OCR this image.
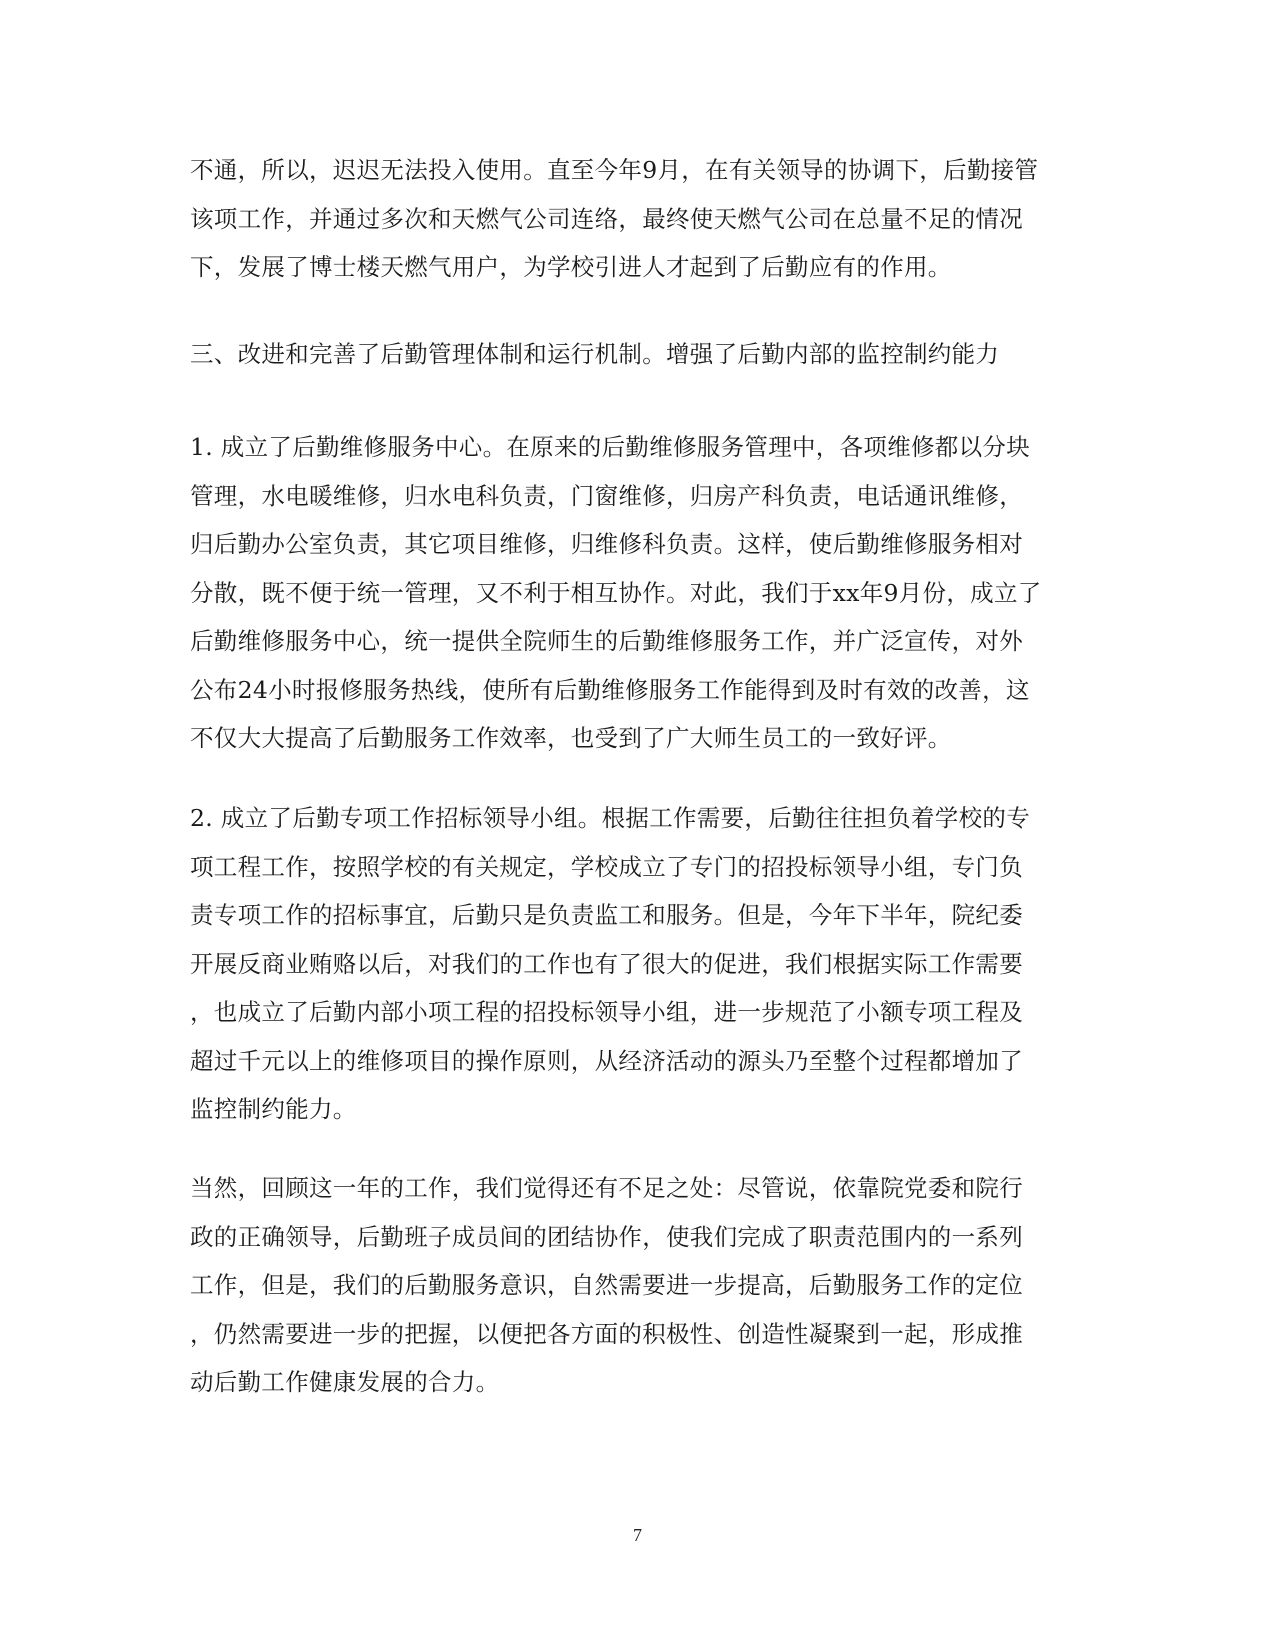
不通，所以，迟迟无法投入使用。直至今年9月，在有关领导的协调下，后勤接管
该项工作，并通过多次和天燃气公司连络，最终使天燃气公司在总量不足的情况
下，发展了博士楼天燃气用户，为学校引进人才起到了后勤应有的作用。
三、改进和完善了后勤管理体制和运行机制。增强了后勤内部的监控制约能力
1. 成立了后勤维修服务中心。在原来的后勤维修服务管理中，各项维修都以分块
管理，水电暖维修，归水电科负责，门窗维修，归房产科负责，电话通讯维修，
归后勤办公室负责，其它项目维修，归维修科负责。这样，使后勤维修服务相对
分散，既不便于统一管理，又不利于相互协作。对此，我们于xx年9月份，成立了
后勤维修服务中心，统一提供全院师生的后勤维修服务工作，并广泛宣传，对外
公布24小时报修服务热线，使所有后勤维修服务工作能得到及时有效的改善，这
不仅大大提高了后勤服务工作效率，也受到了广大师生员工的一致好评。
2. 成立了后勤专项工作招标领导小组。根据工作需要，后勤往往担负着学校的专
项工程工作，按照学校的有关规定，学校成立了专门的招投标领导小组，专门负
责专项工作的招标事宜，后勤只是负责监工和服务。但是，今年下半年，院纪委
开展反商业贿赂以后，对我们的工作也有了很大的促进，我们根据实际工作需要
，也成立了后勤内部小项工程的招投标领导小组，进一步规范了小额专项工程及
超过千元以上的维修项目的操作原则，从经济活动的源头乃至整个过程都增加了
监控制约能力。
当然，回顾这一年的工作，我们觉得还有不足之处：尽管说，依靠院党委和院行
政的正确领导，后勤班子成员间的团结协作，使我们完成了职责范围内的一系列
工作，但是，我们的后勤服务意识，自然需要进一步提高，后勤服务工作的定位
，仍然需要进一步的把握，以便把各方面的积极性、创造性凝聚到一起，形成推
动后勤工作健康发展的合力。
7
